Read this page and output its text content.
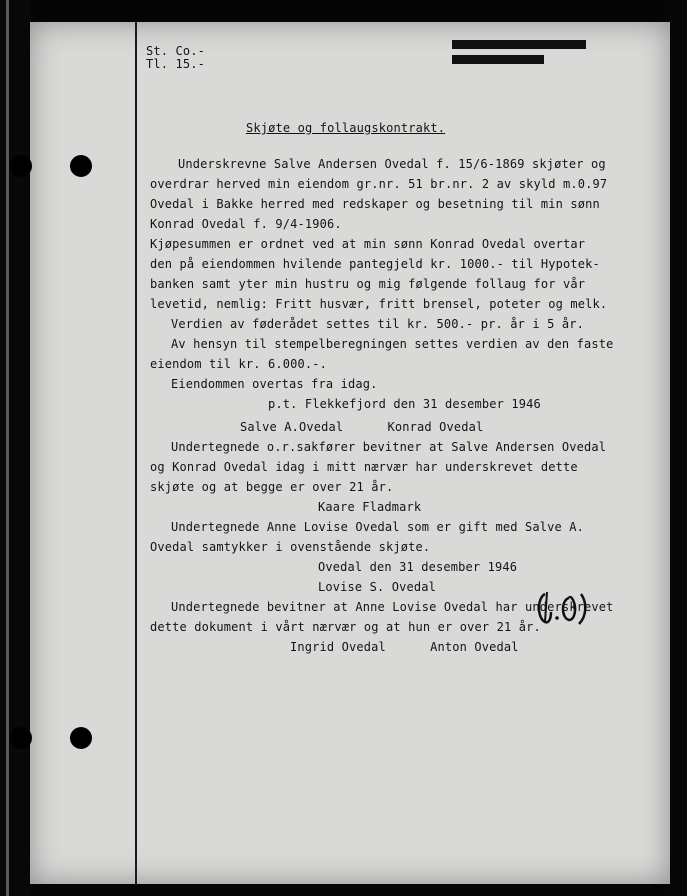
St. Co.-
Tl. 15.-
Skjøte og follaugskontrakt.
Underskrevne Salve Andersen Ovedal f. 15/6-1869 skjøter og
overdrar herved min eiendom gr.nr. 51 br.nr. 2 av skyld m.0.97
Ovedal i Bakke herred med redskaper og besetning til min sønn
Konrad Ovedal f. 9/4-1906.
Kjøpesummen er ordnet ved at min sønn Konrad Ovedal overtar
den på eiendommen hvilende pantegjeld kr. 1000.- til Hypotek-
banken samt yter min hustru og mig følgende follaug for vår
levetid, nemlig: Fritt husvær, fritt brensel, poteter og melk.
Verdien av føderådet settes til kr. 500.- pr. år i 5 år.
Av hensyn til stempelberegningen settes verdien av den faste
eiendom til kr. 6.000.-.
Eiendommen overtas fra idag.
p.t. Flekkefjord den 31 desember 1946
Salve A.Ovedal      Konrad Ovedal
Undertegnede o.r.sakfører bevitner at Salve Andersen Ovedal
og Konrad Ovedal idag i mitt nærvær har underskrevet dette
skjøte og at begge er over 21 år.
Kaare Fladmark
Undertegnede Anne Lovise Ovedal som er gift med Salve A.
Ovedal samtykker i ovenstående skjøte.
Ovedal den 31 desember 1946
Lovise S. Ovedal
Undertegnede bevitner at Anne Lovise Ovedal har underskrevet
dette dokument i vårt nærvær og at hun er over 21 år.
Ingrid Ovedal      Anton Ovedal
